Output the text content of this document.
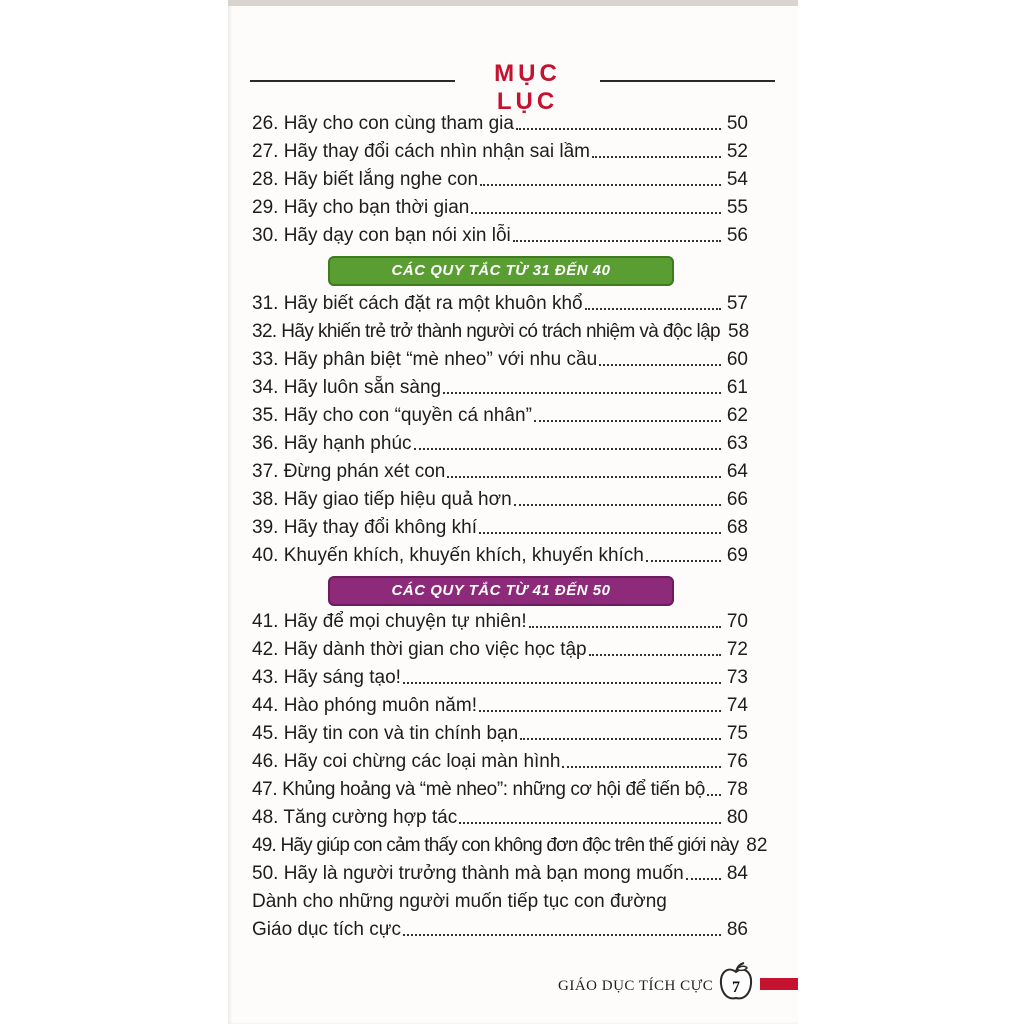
MỤC LỤC
26. Hãy cho con cùng tham gia	50
27. Hãy thay đổi cách nhìn nhận sai lầm	52
28. Hãy biết lắng nghe con	54
29. Hãy cho bạn thời gian	55
30. Hãy dạy con bạn nói xin lỗi	56
CÁC QUY TẮC TỪ 31 ĐẾN 40
31. Hãy biết cách đặt ra một khuôn khổ	57
32. Hãy khiến trẻ trở thành người có trách nhiệm và độc lập 58
33. Hãy phân biệt “mè nheo” với nhu cầu	60
34. Hãy luôn sẵn sàng	61
35. Hãy cho con “quyền cá nhân”	62
36. Hãy hạnh phúc	63
37. Đừng phán xét con	64
38. Hãy giao tiếp hiệu quả hơn	66
39. Hãy thay đổi không khí	68
40. Khuyến khích, khuyến khích, khuyến khích	69
CÁC QUY TẮC TỪ 41 ĐẾN 50
41. Hãy để mọi chuyện tự nhiên!	70
42. Hãy dành thời gian cho việc học tập	72
43. Hãy sáng tạo!	73
44. Hào phóng muôn năm!	74
45. Hãy tin con và tin chính bạn	75
46. Hãy coi chừng các loại màn hình	76
47. Khủng hoảng và “mè nheo”: những cơ hội để tiến bộ 78
48. Tăng cường hợp tác	80
49. Hãy giúp con cảm thấy con không đơn độc trên thế giới này 82
50. Hãy là người trưởng thành mà bạn mong muốn 84
Dành cho những người muốn tiếp tục con đường
Giáo dục tích cực	86
GIÁO DỤC TÍCH CỰC 7
